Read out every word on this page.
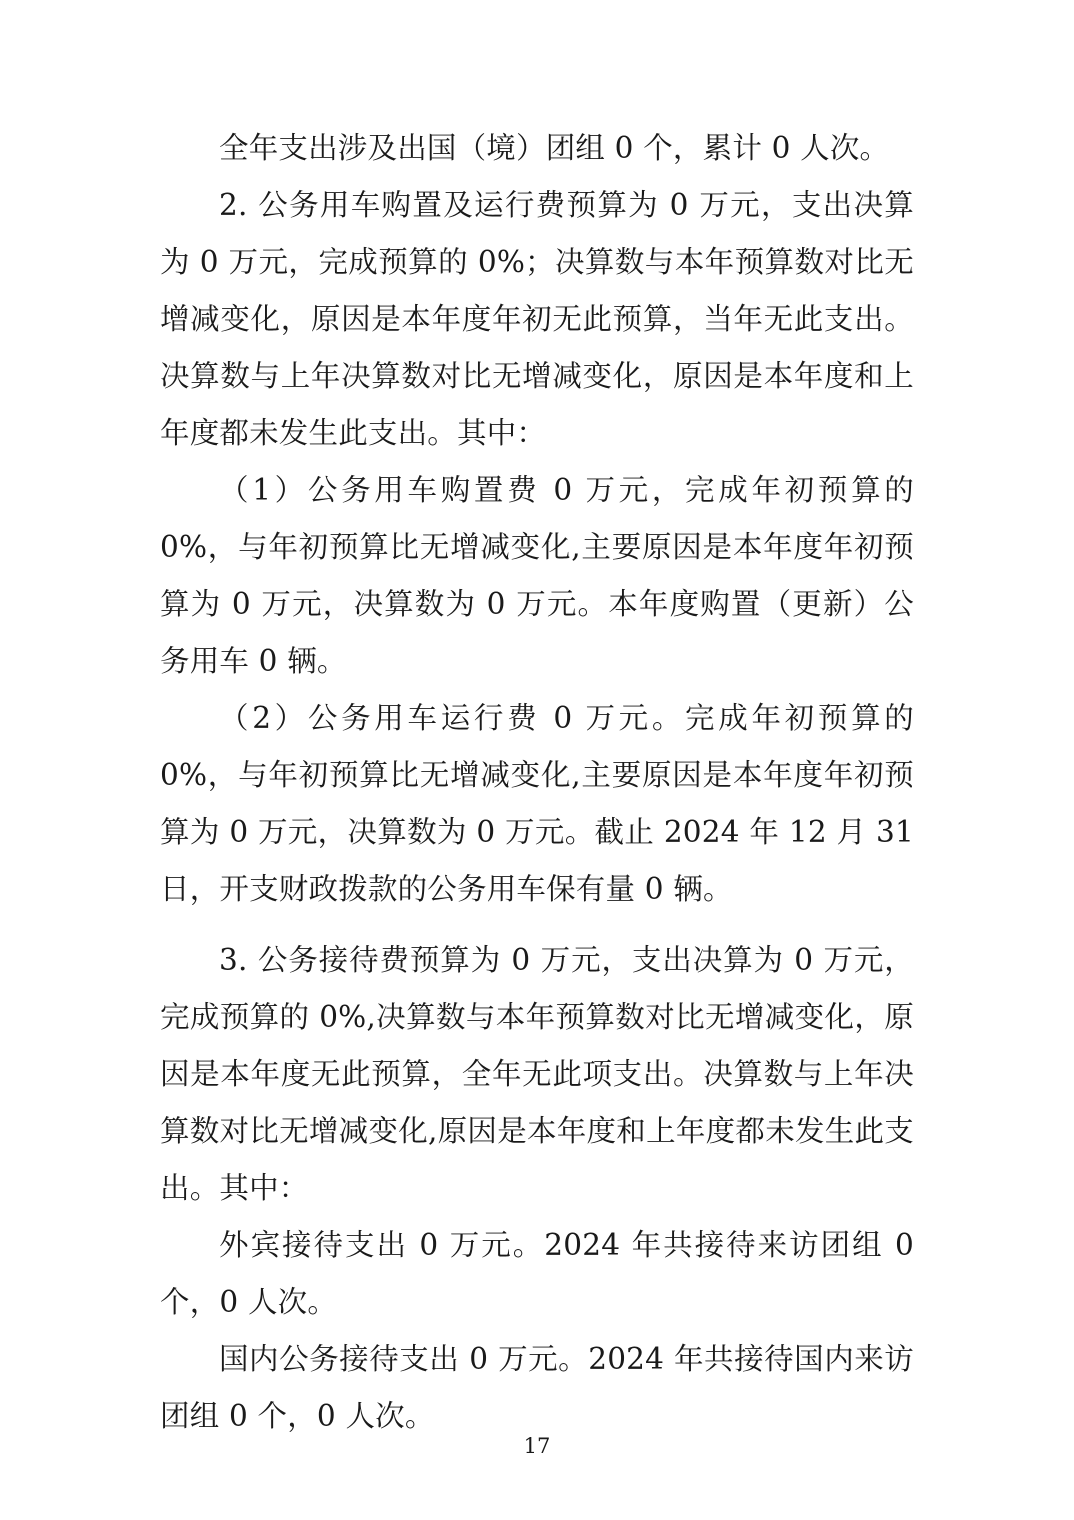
全年支出涉及出国（境）团组 0 个，累计 0 人次。

2. 公务用车购置及运行费预算为 0 万元，支出决算为 0 万元，完成预算的 0%；决算数与本年预算数对比无增减变化，原因是本年度年初无此预算，当年无此支出。决算数与上年决算数对比无增减变化，原因是本年度和上年度都未发生此支出。其中：

（1）公务用车购置费 0 万元，完成年初预算的 0%，与年初预算比无增减变化,主要原因是本年度年初预算为 0 万元，决算数为 0 万元。本年度购置（更新）公务用车 0 辆。

（2）公务用车运行费 0 万元。完成年初预算的 0%，与年初预算比无增减变化,主要原因是本年度年初预算为 0 万元，决算数为 0 万元。截止 2024 年 12 月 31 日，开支财政拨款的公务用车保有量 0 辆。

3. 公务接待费预算为 0 万元，支出决算为 0 万元，完成预算的 0%,决算数与本年预算数对比无增减变化，原因是本年度无此预算，全年无此项支出。决算数与上年决算数对比无增减变化,原因是本年度和上年度都未发生此支出。其中：

外宾接待支出 0 万元。2024 年共接待来访团组 0 个，0 人次。

国内公务接待支出 0 万元。2024 年共接待国内来访团组 0 个，0 人次。

17
